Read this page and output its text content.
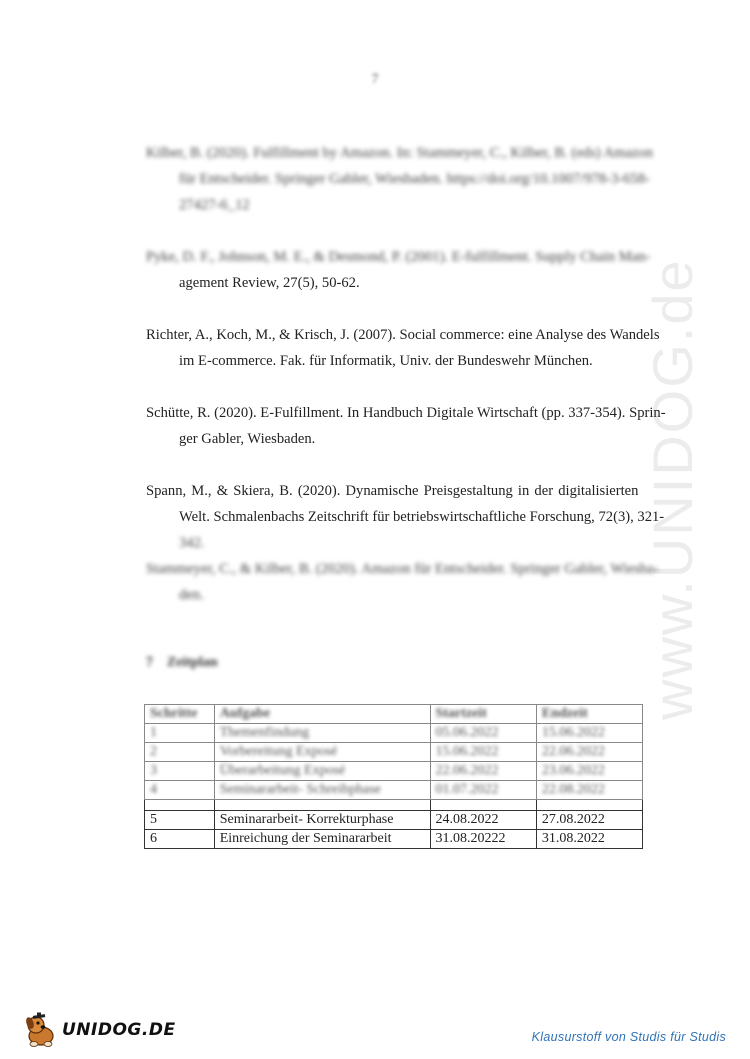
7
www.UNIDOG.de
Kilber, B. (2020). Fulfillment by Amazon. In: Stammeyer, C., Kilber, B. (eds) Amazon
für Entscheider. Springer Gabler, Wiesbaden. https://doi.org/10.1007/978-3-658-
27427-6_12
Pyke, D. F., Johnson, M. E., & Desmond, P. (2001). E-fulfillment. Supply Chain Man-
agement Review, 27(5), 50-62.
Richter, A., Koch, M., & Krisch, J. (2007). Social commerce: eine Analyse des Wandels
im E-commerce. Fak. für Informatik, Univ. der Bundeswehr München.
Schütte, R. (2020). E-Fulfillment. In Handbuch Digitale Wirtschaft (pp. 337-354). Sprin-
ger Gabler, Wiesbaden.
Spann, M., & Skiera, B. (2020). Dynamische Preisgestaltung in der digitalisierten
Welt. Schmalenbachs Zeitschrift für betriebswirtschaftliche Forschung, 72(3), 321-
342.
Stammeyer, C., & Kilber, B. (2020). Amazon für Entscheider. Springer Gabler, Wiesba-
den.
7 Zeitplan
Schritte	Aufgabe	Startzeit	Endzeit
1	Themenfindung	05.06.2022	15.06.2022
2	Vorbereitung Exposé	15.06.2022	22.06.2022
3	Überarbeitung Exposé	22.06.2022	23.06.2022
4	Seminararbeit- Schreibphase	01.07.2022	22.08.2022

5	Seminararbeit- Korrekturphase	24.08.2022	27.08.2022
6	Einreichung der Seminararbeit	31.08.20222	31.08.2022
UNIDOG.DE	Klausurstoff von Studis für Studis
